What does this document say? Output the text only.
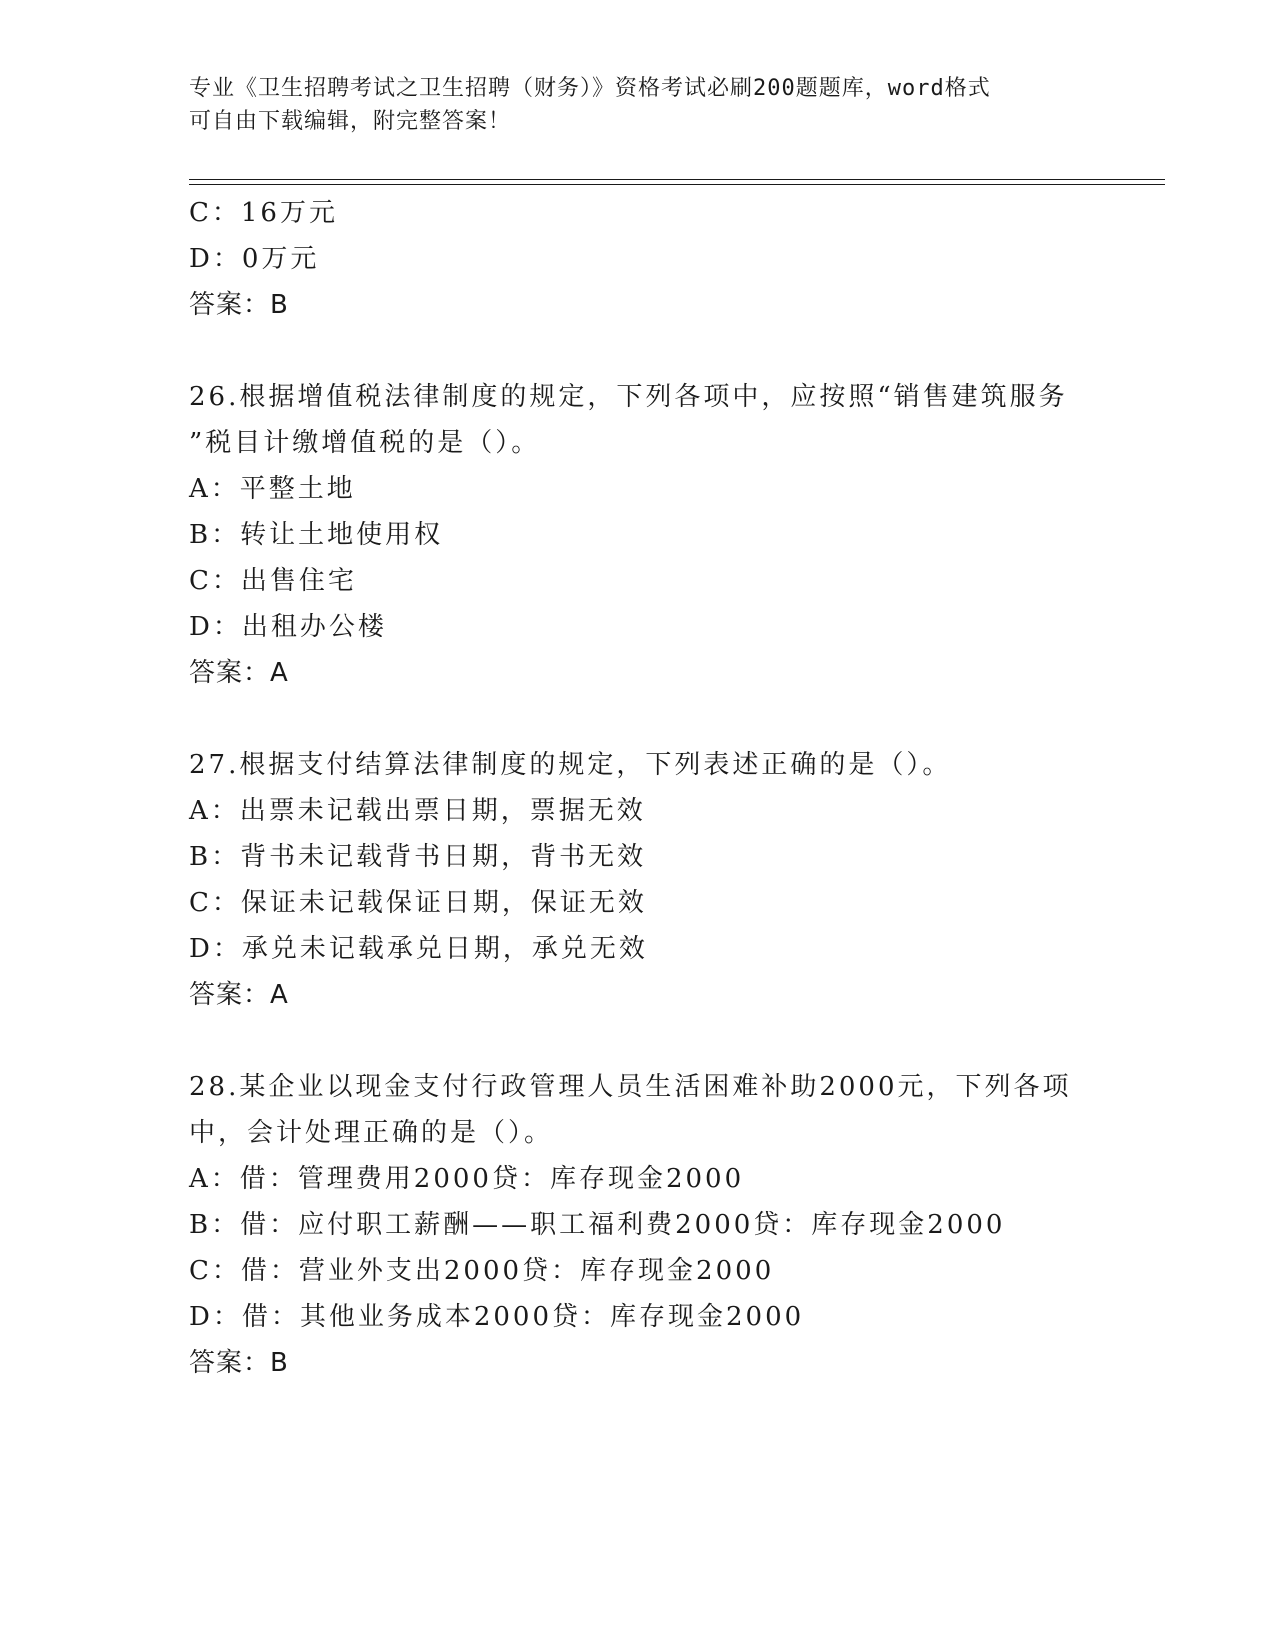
专业《卫生招聘考试之卫生招聘（财务）》资格考试必刷200题题库，word格式
可自由下载编辑，附完整答案！
C：16万元
D：0万元
答案：B
26.根据增值税法律制度的规定，下列各项中，应按照“销售建筑服务
”税目计缴增值税的是（）。
A：平整土地
B：转让土地使用权
C：出售住宅
D：出租办公楼
答案：A
27.根据支付结算法律制度的规定，下列表述正确的是（）。
A：出票未记载出票日期，票据无效
B：背书未记载背书日期，背书无效
C：保证未记载保证日期，保证无效
D：承兑未记载承兑日期，承兑无效
答案：A
28.某企业以现金支付行政管理人员生活困难补助2000元，下列各项
中，会计处理正确的是（）。
A：借：管理费用2000贷：库存现金2000
B：借：应付职工薪酬——职工福利费2000贷：库存现金2000
C：借：营业外支出2000贷：库存现金2000
D：借：其他业务成本2000贷：库存现金2000
答案：B
